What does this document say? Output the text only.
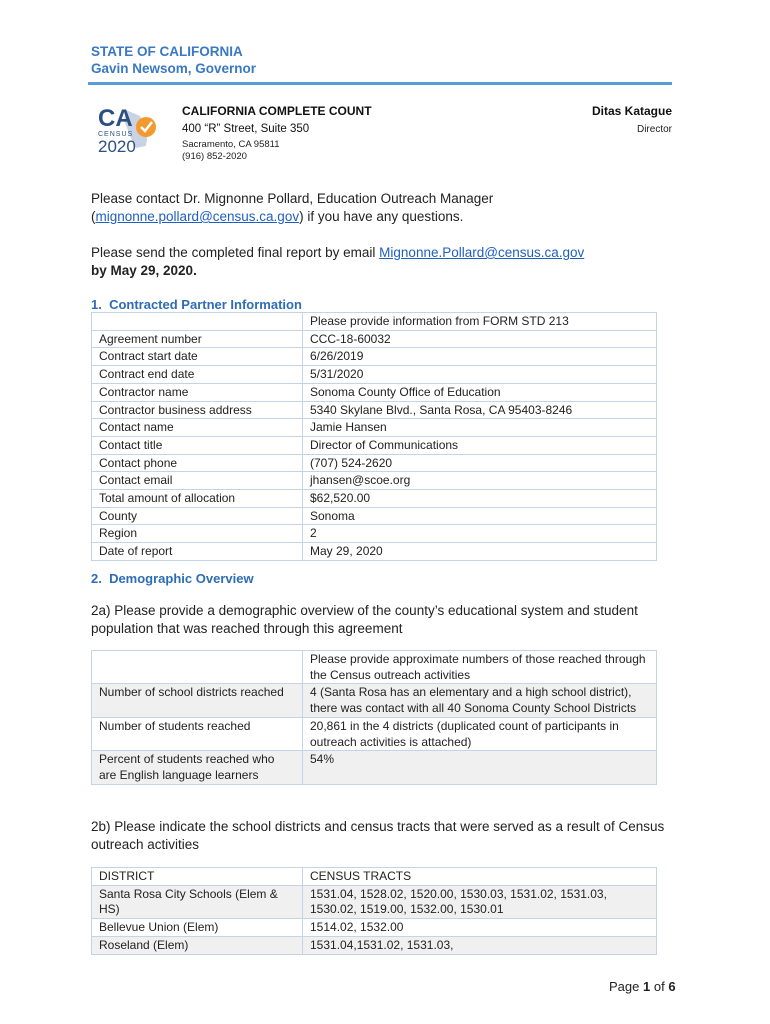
STATE OF CALIFORNIA
Gavin Newsom, Governor
CA
CENSUS
2020
CALIFORNIA COMPLETE COUNT
400 “R” Street, Suite 350
Sacramento, CA 95811
(916) 852-2020
Ditas Katague
Director
Please contact Dr. Mignonne Pollard, Education Outreach Manager
(mignonne.pollard@census.ca.gov) if you have any questions.
Please send the completed final report by email Mignonne.Pollard@census.ca.gov
by May 29, 2020.
1.  Contracted Partner Information
	Please provide information from FORM STD 213
Agreement number	CCC-18-60032
Contract start date	6/26/2019
Contract end date	5/31/2020
Contractor name	Sonoma County Office of Education
Contractor business address	5340 Skylane Blvd., Santa Rosa, CA 95403-8246
Contact name	Jamie Hansen
Contact title	Director of Communications
Contact phone	(707) 524-2620
Contact email	jhansen@scoe.org
Total amount of allocation	$62,520.00
County	Sonoma
Region	2
Date of report	May 29, 2020
2.  Demographic Overview
2a) Please provide a demographic overview of the county’s educational system and student population that was reached through this agreement
	Please provide approximate numbers of those reached through the Census outreach activities
Number of school districts reached	4 (Santa Rosa has an elementary and a high school district), there was contact with all 40 Sonoma County School Districts
Number of students reached	20,861 in the 4 districts (duplicated count of participants in outreach activities is attached)
Percent of students reached who are English language learners	54%
2b) Please indicate the school districts and census tracts that were served as a result of Census outreach activities
DISTRICT	CENSUS TRACTS
Santa Rosa City Schools (Elem & HS)	1531.04, 1528.02, 1520.00, 1530.03, 1531.02, 1531.03, 1530.02, 1519.00, 1532.00, 1530.01
Bellevue Union (Elem)	1514.02, 1532.00
Roseland (Elem)	1531.04,1531.02, 1531.03,
Page 1 of 6
